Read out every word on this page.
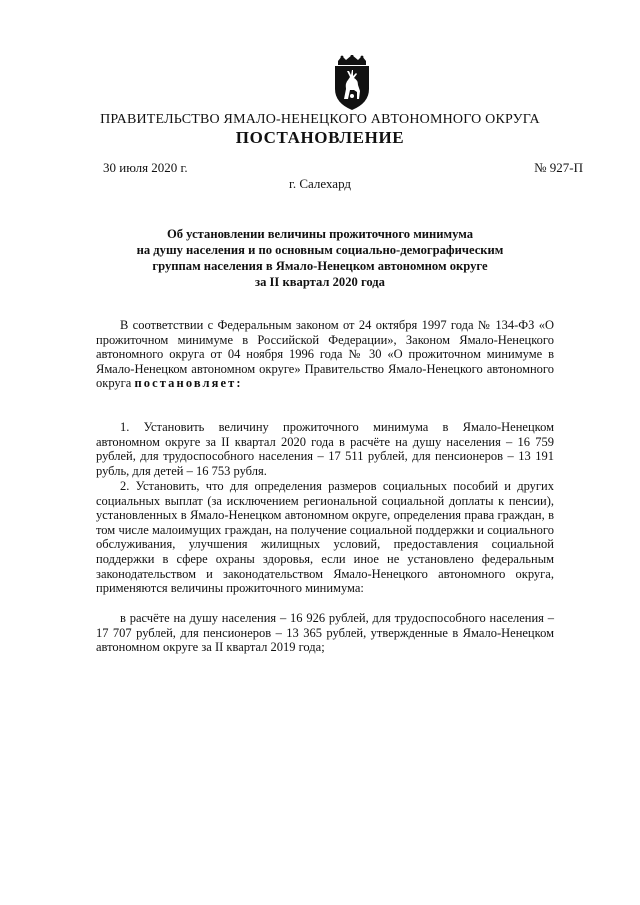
ПРАВИТЕЛЬСТВО ЯМАЛО-НЕНЕЦКОГО АВТОНОМНОГО ОКРУГА
ПОСТАНОВЛЕНИЕ
30 июля 2020 г.	№ 927-П
г. Салехард
Об установлении величины прожиточного минимума
на душу населения и по основным социально-демографическим
группам населения в Ямало-Ненецком автономном округе
за II квартал 2020 года

В соответствии с Федеральным законом от 24 октября 1997 года № 134-ФЗ «О прожиточном минимуме в Российской Федерации», Законом Ямало-Ненецкого автономного округа от 04 ноября 1996 года № 30 «О прожиточном минимуме в Ямало-Ненецком автономном округе» Правительство Ямало-Ненецкого автономного округа постановляет:

1. Установить величину прожиточного минимума в Ямало-Ненецком автономном округе за II квартал 2020 года в расчёте на душу населения – 16 759 рублей, для трудоспособного населения – 17 511 рублей, для пенсионеров – 13 191 рубль, для детей – 16 753 рубля.

2. Установить, что для определения размеров социальных пособий и других социальных выплат (за исключением региональной социальной доплаты к пенсии), установленных в Ямало-Ненецком автономном округе, определения права граждан, в том числе малоимущих граждан, на получение социальной поддержки и социального обслуживания, улучшения жилищных условий, предоставления социальной поддержки в сфере охраны здоровья, если иное не установлено федеральным законодательством и законодательством Ямало-Ненецкого автономного округа, применяются величины прожиточного минимума:

в расчёте на душу населения – 16 926 рублей, для трудоспособного населения – 17 707 рублей, для пенсионеров – 13 365 рублей, утвержденные в Ямало-Ненецком автономном округе за II квартал 2019 года;
